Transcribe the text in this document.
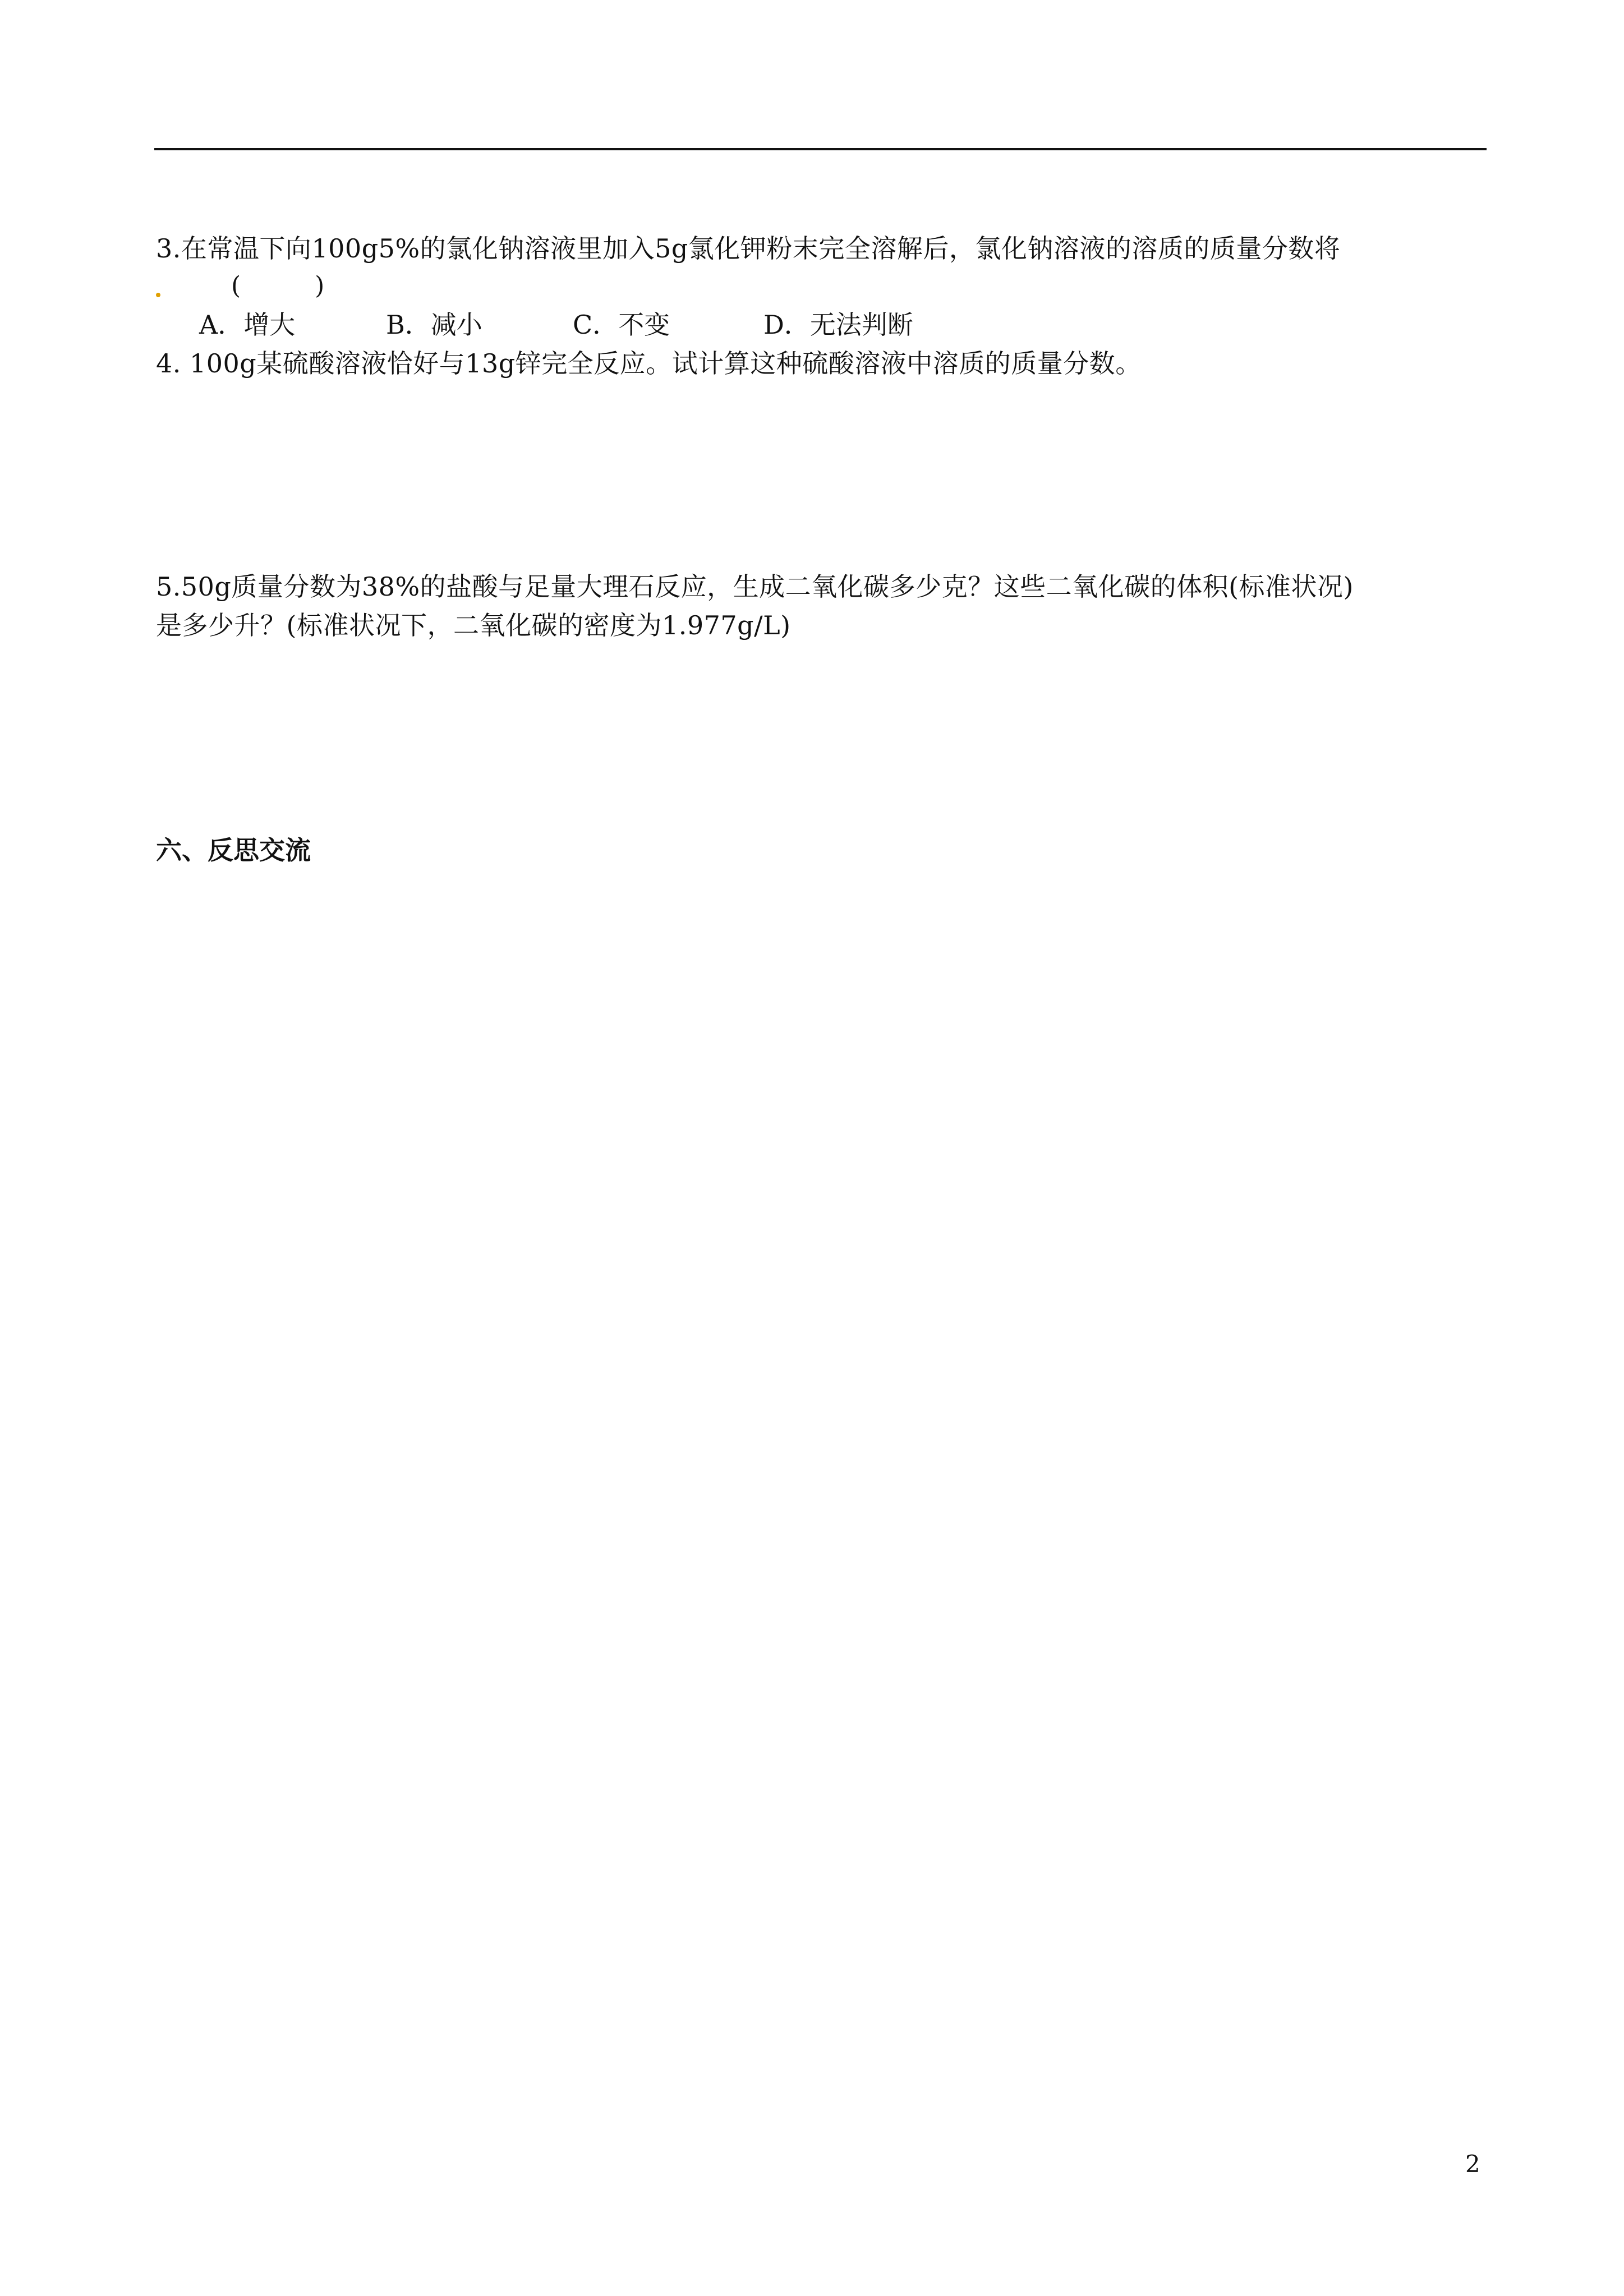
3.在常温下向100g5%的氯化钠溶液里加入5g氯化钾粉末完全溶解后，氯化钠溶液的溶质的质量分数将
(　　　)
A．增大	B．减小	C．不变	D．无法判断
4. 100g某硫酸溶液恰好与13g锌完全反应。试计算这种硫酸溶液中溶质的质量分数。
5.50g质量分数为38%的盐酸与足量大理石反应，生成二氧化碳多少克？这些二氧化碳的体积(标准状况)
是多少升？(标准状况下，二氧化碳的密度为1.977g/L)
六、反思交流
2
